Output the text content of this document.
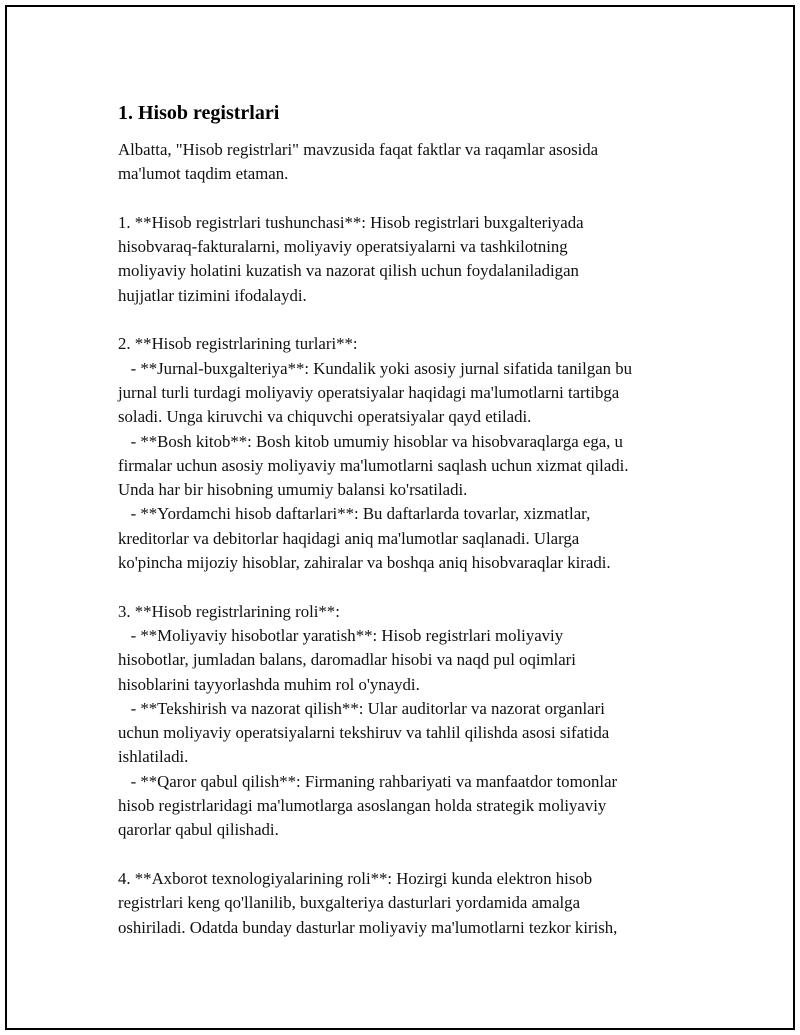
1. Hisob registrlari

Albatta, "Hisob registrlari" mavzusida faqat faktlar va raqamlar asosida

ma'lumot taqdim etaman.

1. **Hisob registrlari tushunchasi**: Hisob registrlari buxgalteriyada

hisobvaraq-fakturalarni, moliyaviy operatsiyalarni va tashkilotning

moliyaviy holatini kuzatish va nazorat qilish uchun foydalaniladigan

hujjatlar tizimini ifodalaydi.

2. **Hisob registrlarining turlari**:

- **Jurnal-buxgalteriya**: Kundalik yoki asosiy jurnal sifatida tanilgan bu

jurnal turli turdagi moliyaviy operatsiyalar haqidagi ma'lumotlarni tartibga

soladi. Unga kiruvchi va chiquvchi operatsiyalar qayd etiladi.

- **Bosh kitob**: Bosh kitob umumiy hisoblar va hisobvaraqlarga ega, u

firmalar uchun asosiy moliyaviy ma'lumotlarni saqlash uchun xizmat qiladi.

Unda har bir hisobning umumiy balansi ko'rsatiladi.

- **Yordamchi hisob daftarlari**: Bu daftarlarda tovarlar, xizmatlar,

kreditorlar va debitorlar haqidagi aniq ma'lumotlar saqlanadi. Ularga

ko'pincha mijoziy hisoblar, zahiralar va boshqa aniq hisobvaraqlar kiradi.

3. **Hisob registrlarining roli**:

- **Moliyaviy hisobotlar yaratish**: Hisob registrlari moliyaviy

hisobotlar, jumladan balans, daromadlar hisobi va naqd pul oqimlari

hisoblarini tayyorlashda muhim rol o'ynaydi.

- **Tekshirish va nazorat qilish**: Ular auditorlar va nazorat organlari

uchun moliyaviy operatsiyalarni tekshiruv va tahlil qilishda asosi sifatida

ishlatiladi.

- **Qaror qabul qilish**: Firmaning rahbariyati va manfaatdor tomonlar

hisob registrlaridagi ma'lumotlarga asoslangan holda strategik moliyaviy

qarorlar qabul qilishadi.

4. **Axborot texnologiyalarining roli**: Hozirgi kunda elektron hisob

registrlari keng qo'llanilib, buxgalteriya dasturlari yordamida amalga

oshiriladi. Odatda bunday dasturlar moliyaviy ma'lumotlarni tezkor kirish,
